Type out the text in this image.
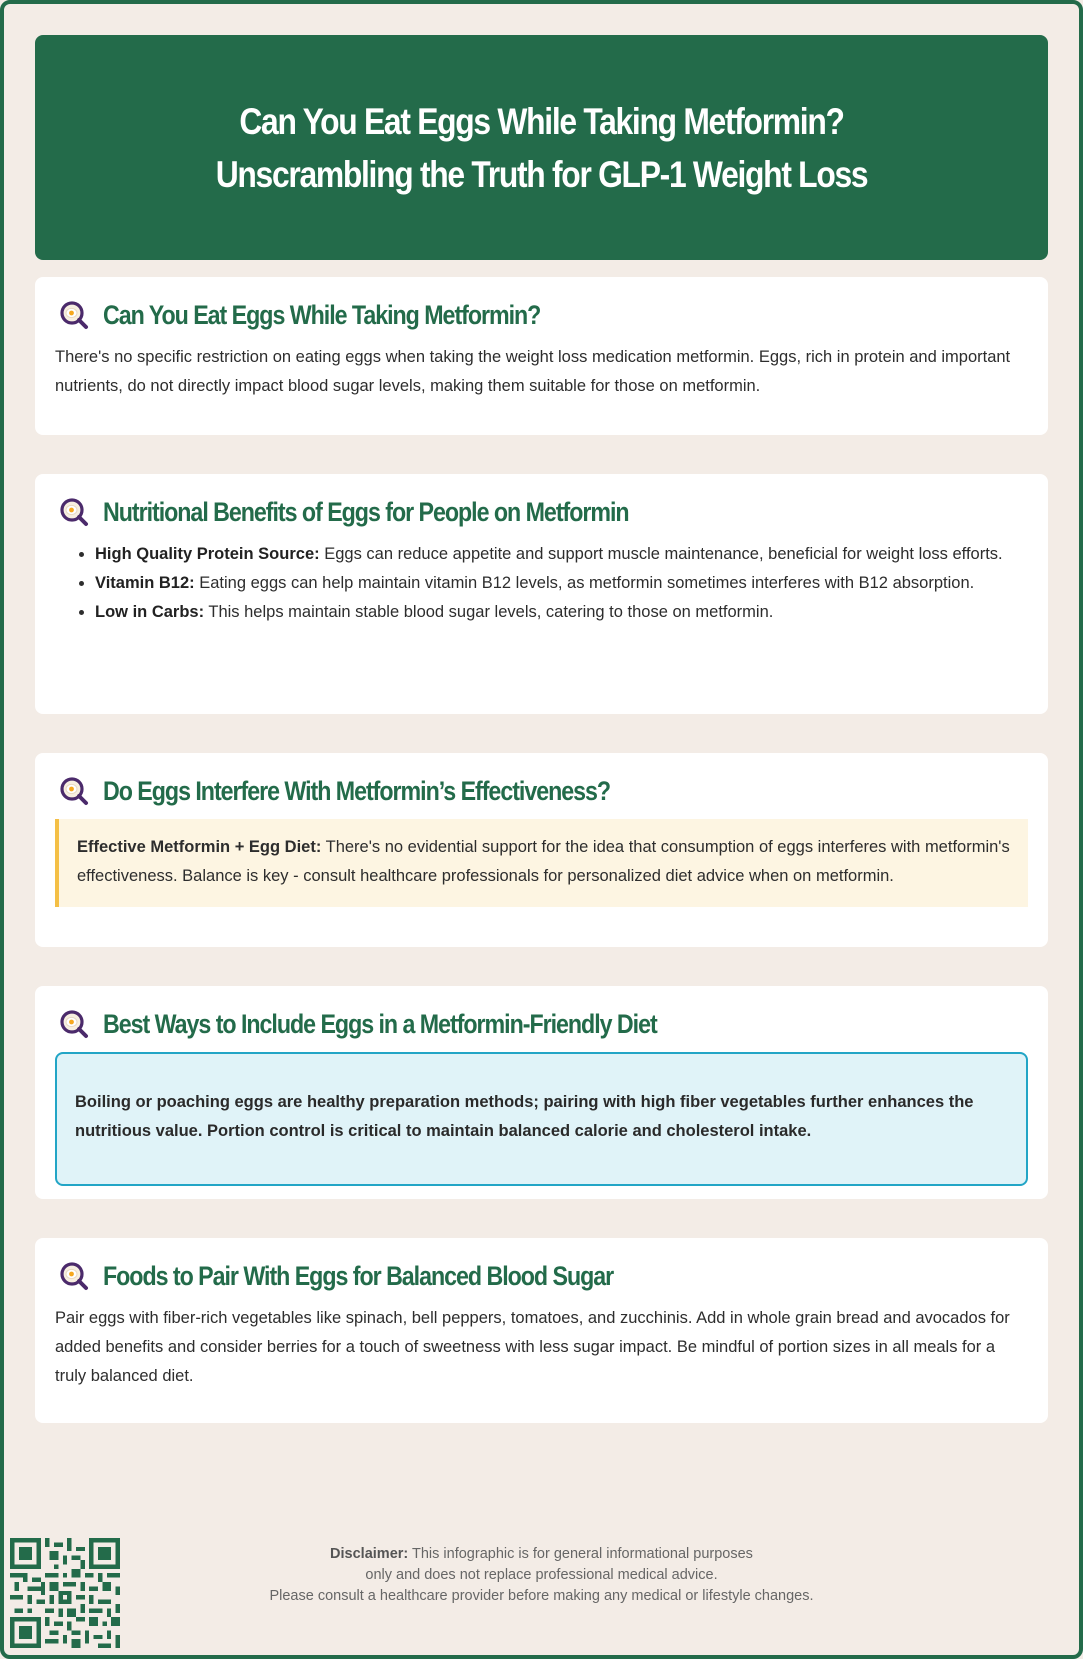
Can You Eat Eggs While Taking Metformin? Unscrambling the Truth for GLP-1 Weight Loss
Can You Eat Eggs While Taking Metformin?

There's no specific restriction on eating eggs when taking the weight loss medication metformin. Eggs, rich in protein and important nutrients, do not directly impact blood sugar levels, making them suitable for those on metformin.

Nutritional Benefits of Eggs for People on Metformin
• High Quality Protein Source: Eggs can reduce appetite and support muscle maintenance, beneficial for weight loss efforts.
• Vitamin B12: Eating eggs can help maintain vitamin B12 levels, as metformin sometimes interferes with B12 absorption.
• Low in Carbs: This helps maintain stable blood sugar levels, catering to those on metformin.
Do Eggs Interfere With Metformin’s Effectiveness?

Effective Metformin + Egg Diet: There's no evidential support for the idea that consumption of eggs interferes with metformin's effectiveness. Balance is key - consult healthcare professionals for personalized diet advice when on metformin.

Best Ways to Include Eggs in a Metformin-Friendly Diet

Boiling or poaching eggs are healthy preparation methods; pairing with high fiber vegetables further enhances the nutritious value. Portion control is critical to maintain balanced calorie and cholesterol intake.

Foods to Pair With Eggs for Balanced Blood Sugar

Pair eggs with fiber-rich vegetables like spinach, bell peppers, tomatoes, and zucchinis. Add in whole grain bread and avocados for added benefits and consider berries for a touch of sweetness with less sugar impact. Be mindful of portion sizes in all meals for a truly balanced diet.

Disclaimer: This infographic is for general informational purposes
only and does not replace professional medical advice.
Please consult a healthcare provider before making any medical or lifestyle changes.
